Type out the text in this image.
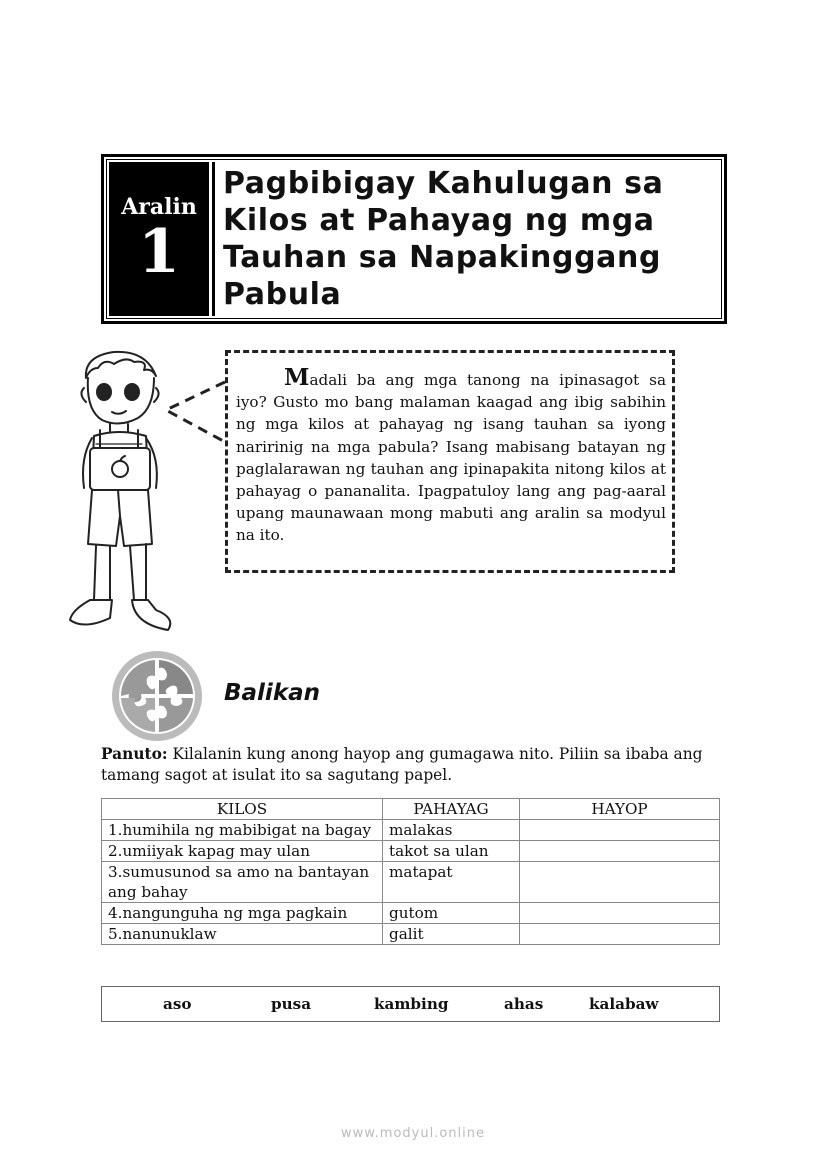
Aralin
1
Pagbibigay Kahulugan sa
Kilos at Pahayag ng mga
Tauhan sa Napakinggang
Pabula
Madali ba ang mga tanong na ipinasagot sa iyo? Gusto mo bang malaman kaagad ang ibig sabihin ng mga kilos at pahayag ng isang tauhan sa iyong naririnig na mga pabula? Isang mabisang batayan ng paglalarawan ng tauhan ang ipinapakita nitong kilos at pahayag o pananalita. Ipagpatuloy lang ang pag-aaral upang maunawaan mong mabuti ang aralin sa modyul na ito.
Balikan
Panuto: Kilalanin kung anong hayop ang gumagawa nito. Piliin sa ibaba ang tamang sagot at isulat ito sa sagutang papel.
KILOS	PAHAYAG	HAYOP
1.humihila ng mabibigat na bagay	malakas	
2.umiiyak kapag may ulan	takot sa ulan	
3.sumusunod sa amo na bantayan ang bahay	matapat	
4.nangunguha ng mga pagkain	gutom	
5.nanunuklaw	galit	
aso	pusa	kambing	ahas	kalabaw
www.modyul.online
